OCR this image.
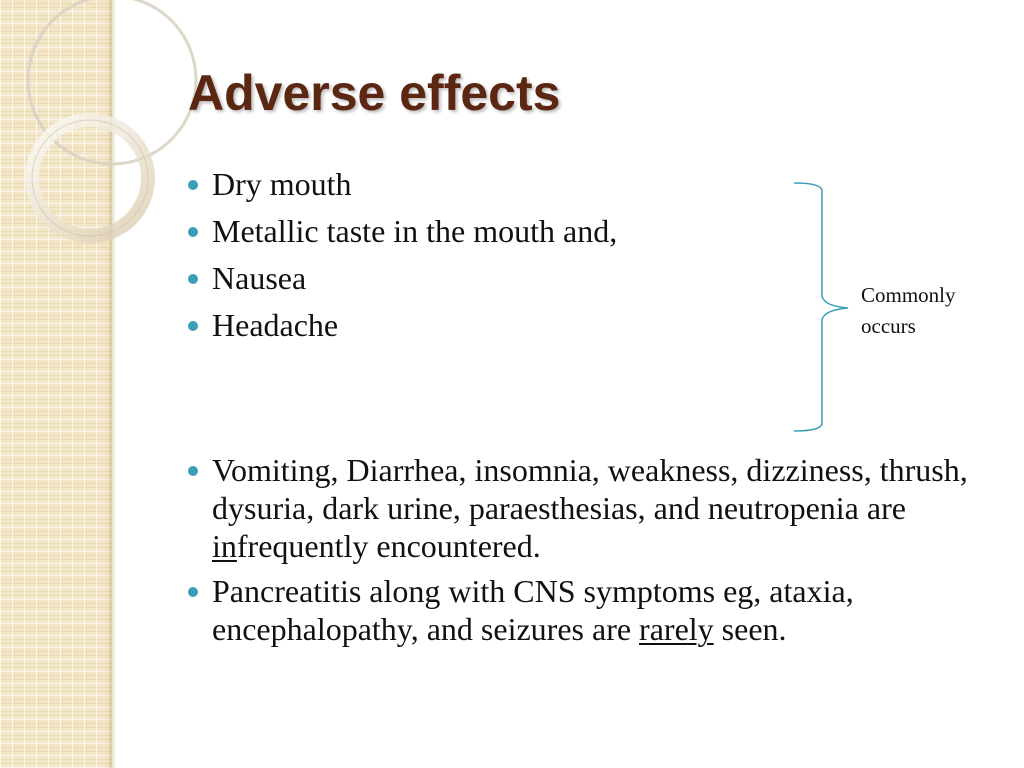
Adverse effects
Dry mouth
Metallic taste in the mouth and,
Nausea
Headache
Commonly
occurs
Vomiting, Diarrhea, insomnia, weakness, dizziness, thrush, dysuria, dark urine, paraesthesias, and neutropenia are infrequently encountered.
Pancreatitis along with CNS symptoms eg, ataxia, encephalopathy, and seizures are rarely seen.
